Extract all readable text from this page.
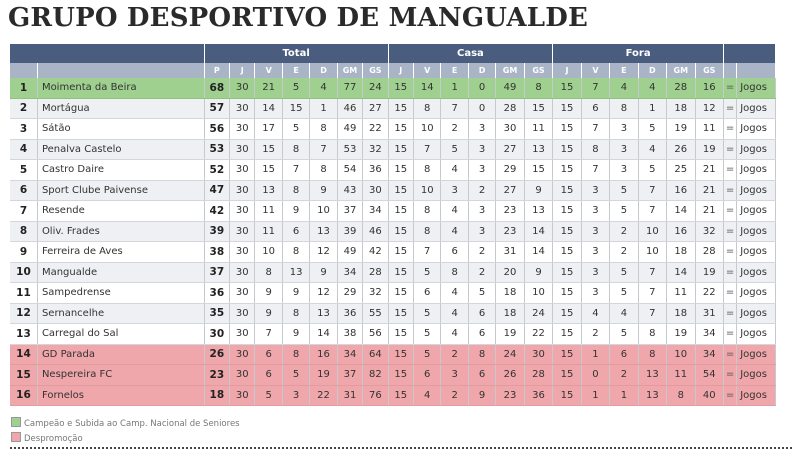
GRUPO DESPORTIVO DE MANGUALDE
		Total							Casa						Fora							
		P	J	V	E	D	GM	GS	J	V	E	D	GM	GS	J	V	E	D	GM	GS		
1	Moimenta da Beira	68	30	21	5	4	77	24	15	14	1	0	49	8	15	7	4	4	28	16	=	Jogos
2	Mortágua	57	30	14	15	1	46	27	15	8	7	0	28	15	15	6	8	1	18	12	=	Jogos
3	Sátão	56	30	17	5	8	49	22	15	10	2	3	30	11	15	7	3	5	19	11	=	Jogos
4	Penalva Castelo	53	30	15	8	7	53	32	15	7	5	3	27	13	15	8	3	4	26	19	=	Jogos
5	Castro Daire	52	30	15	7	8	54	36	15	8	4	3	29	15	15	7	3	5	25	21	=	Jogos
6	Sport Clube Paivense	47	30	13	8	9	43	30	15	10	3	2	27	9	15	3	5	7	16	21	=	Jogos
7	Resende	42	30	11	9	10	37	34	15	8	4	3	23	13	15	3	5	7	14	21	=	Jogos
8	Oliv. Frades	39	30	11	6	13	39	46	15	8	4	3	23	14	15	3	2	10	16	32	=	Jogos
9	Ferreira de Aves	38	30	10	8	12	49	42	15	7	6	2	31	14	15	3	2	10	18	28	=	Jogos
10	Mangualde	37	30	8	13	9	34	28	15	5	8	2	20	9	15	3	5	7	14	19	=	Jogos
11	Sampedrense	36	30	9	9	12	29	32	15	6	4	5	18	10	15	3	5	7	11	22	=	Jogos
12	Sernancelhe	35	30	9	8	13	36	55	15	5	4	6	18	24	15	4	4	7	18	31	=	Jogos
13	Carregal do Sal	30	30	7	9	14	38	56	15	5	4	6	19	22	15	2	5	8	19	34	=	Jogos
14	GD Parada	26	30	6	8	16	34	64	15	5	2	8	24	30	15	1	6	8	10	34	=	Jogos
15	Nespereira FC	23	30	6	5	19	37	82	15	6	3	6	26	28	15	0	2	13	11	54	=	Jogos
16	Fornelos	18	30	5	3	22	31	76	15	4	2	9	23	36	15	1	1	13	8	40	=	Jogos
Campeão e Subida ao Camp. Nacional de Seniores
Despromoção
